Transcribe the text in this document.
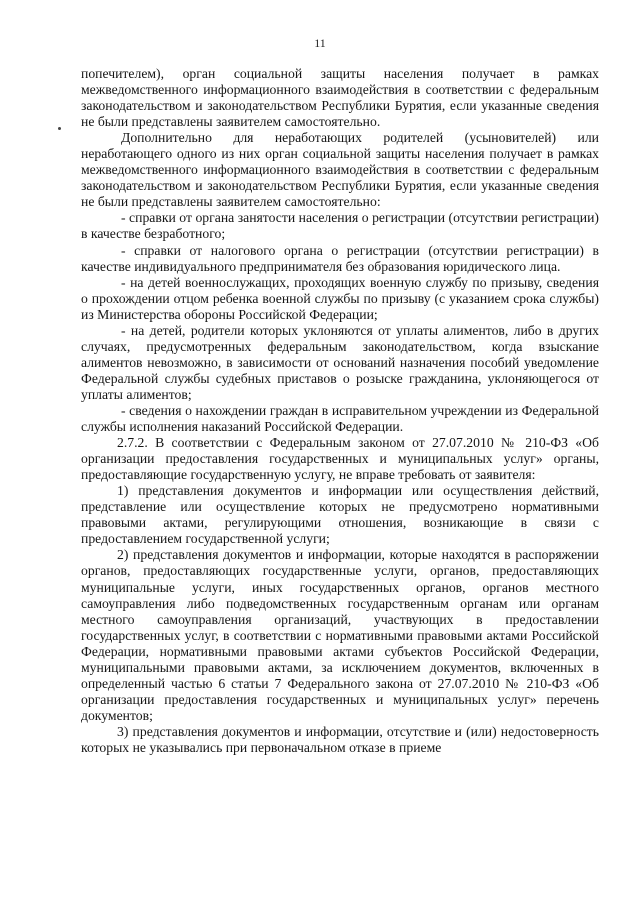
11

попечителем), орган социальной защиты населения получает в рамках межведомственного информационного взаимодействия в соответствии с федеральным законодательством и законодательством Республики Бурятия, если указанные сведения не были представлены заявителем самостоятельно.

Дополнительно для неработающих родителей (усыновителей) или неработающего одного из них орган социальной защиты населения получает в рамках межведомственного информационного взаимодействия в соответствии с федеральным законодательством и законодательством Республики Бурятия, если указанные сведения не были представлены заявителем самостоятельно:

- справки от органа занятости населения о регистрации (отсутствии регистрации) в качестве безработного;

- справки от налогового органа о регистрации (отсутствии регистрации) в качестве индивидуального предпринимателя без образования юридического лица.

- на детей военнослужащих, проходящих военную службу по призыву, сведения о прохождении отцом ребенка военной службы по призыву (с указанием срока службы) из Министерства обороны Российской Федерации;

- на детей, родители которых уклоняются от уплаты алиментов, либо в других случаях, предусмотренных федеральным законодательством, когда взыскание алиментов невозможно, в зависимости от оснований назначения пособий уведомление Федеральной службы судебных приставов о розыске гражданина, уклоняющегося от уплаты алиментов;

- сведения о нахождении граждан в исправительном учреждении из Федеральной службы исполнения наказаний Российской Федерации.

2.7.2. В соответствии с Федеральным законом от 27.07.2010 № 210-ФЗ «Об организации предоставления государственных и муниципальных услуг» органы, предоставляющие государственную услугу, не вправе требовать от заявителя:

1) представления документов и информации или осуществления действий, представление или осуществление которых не предусмотрено нормативными правовыми актами, регулирующими отношения, возникающие в связи с предоставлением государственной услуги;

2) представления документов и информации, которые находятся в распоряжении органов, предоставляющих государственные услуги, органов, предоставляющих муниципальные услуги, иных государственных органов, органов местного самоуправления либо подведомственных государственным органам или органам местного самоуправления организаций, участвующих в предоставлении государственных услуг, в соответствии с нормативными правовыми актами Российской Федерации, нормативными правовыми актами субъектов Российской Федерации, муниципальными правовыми актами, за исключением документов, включенных в определенный частью 6 статьи 7 Федерального закона от 27.07.2010 № 210-ФЗ «Об организации предоставления государственных и муниципальных услуг» перечень документов;

3) представления документов и информации, отсутствие и (или) недостоверность которых не указывались при первоначальном отказе в приеме
